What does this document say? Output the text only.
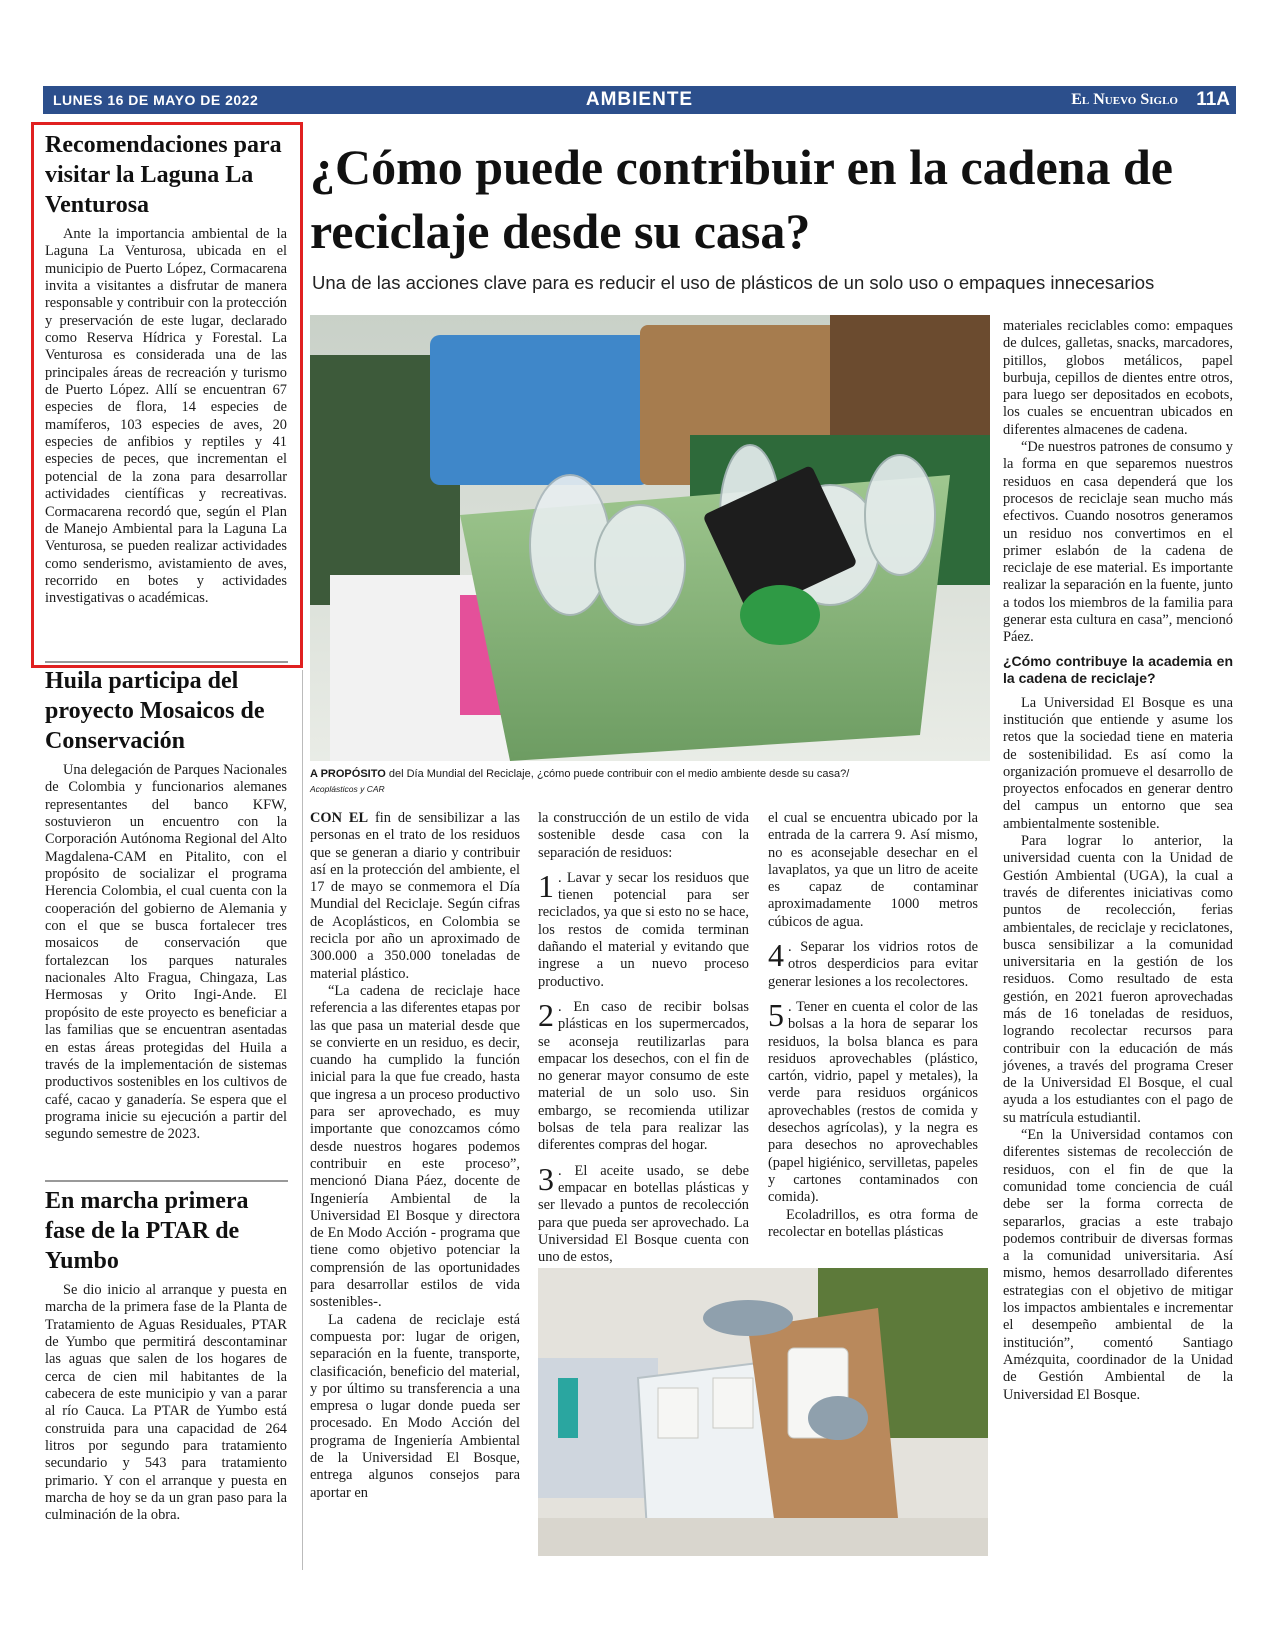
LUNES 16 DE MAYO DE 2022	AMBIENTE	El Nuevo Siglo 11A
Recomendaciones para visitar la Laguna La Venturosa
Ante la importancia ambiental de la Laguna La Venturosa, ubicada en el municipio de Puerto López, Cormacarena invita a visitantes a disfrutar de manera responsable y contribuir con la protección y preservación de este lugar, declarado como Reserva Hídrica y Forestal. La Venturosa es considerada una de las principales áreas de recreación y turismo de Puerto López. Allí se encuentran 67 especies de flora, 14 especies de mamíferos, 103 especies de aves, 20 especies de anfibios y reptiles y 41 especies de peces, que incrementan el potencial de la zona para desarrollar actividades científicas y recreativas. Cormacarena recordó que, según el Plan de Manejo Ambiental para la Laguna La Venturosa, se pueden realizar actividades como senderismo, avistamiento de aves, recorrido en botes y actividades investigativas o académicas.
Huila participa del proyecto Mosaicos de Conservación
Una delegación de Parques Nacionales de Colombia y funcionarios alemanes representantes del banco KFW, sostuvieron un encuentro con la Corporación Autónoma Regional del Alto Magdalena-CAM en Pitalito, con el propósito de socializar el programa Herencia Colombia, el cual cuenta con la cooperación del gobierno de Alemania y con el que se busca fortalecer tres mosaicos de conservación que fortalezcan los parques naturales nacionales Alto Fragua, Chingaza, Las Hermosas y Orito Ingi-Ande. El propósito de este proyecto es beneficiar a las familias que se encuentran asentadas en estas áreas protegidas del Huila a través de la implementación de sistemas productivos sostenibles en los cultivos de café, cacao y ganadería. Se espera que el programa inicie su ejecución a partir del segundo semestre de 2023.
En marcha primera fase de la PTAR de Yumbo
Se dio inicio al arranque y puesta en marcha de la primera fase de la Planta de Tratamiento de Aguas Residuales, PTAR de Yumbo que permitirá descontaminar las aguas que salen de los hogares de cerca de cien mil habitantes de la cabecera de este municipio y van a parar al río Cauca. La PTAR de Yumbo está construida para una capacidad de 264 litros por segundo para tratamiento secundario y 543 para tratamiento primario. Y con el arranque y puesta en marcha de hoy se da un gran paso para la culminación de la obra.
¿Cómo puede contribuir en la cadena de reciclaje desde su casa?
Una de las acciones clave para es reducir el uso de plásticos de un solo uso o empaques innecesarios
A PROPÓSITO del Día Mundial del Reciclaje, ¿cómo puede contribuir con el medio ambiente desde su casa?/
Acoplásticos y CAR

CON EL fin de sensibilizar a las personas en el trato de los residuos que se generan a diario y contribuir así en la protección del ambiente, el 17 de mayo se conmemora el Día Mundial del Reciclaje. Según cifras de Acoplásticos, en Colombia se recicla por año un aproximado de 300.000 a 350.000 toneladas de material plástico.

“La cadena de reciclaje hace referencia a las diferentes etapas por las que pasa un material desde que se convierte en un residuo, es decir, cuando ha cumplido la función inicial para la que fue creado, hasta que ingresa a un proceso productivo para ser aprovechado, es muy importante que conozcamos cómo desde nuestros hogares podemos contribuir en este proceso”, mencionó Diana Páez, docente de Ingeniería Ambiental de la Universidad El Bosque y directora de En Modo Acción - programa que tiene como objetivo potenciar la comprensión de las oportunidades para desarrollar estilos de vida sostenibles-.

La cadena de reciclaje está compuesta por: lugar de origen, separación en la fuente, transporte, clasificación, beneficio del material, y por último su transferencia a una empresa o lugar donde pueda ser procesado. En Modo Acción del programa de Ingeniería Ambiental de la Universidad El Bosque, entrega algunos consejos para aportar en

la construcción de un estilo de vida sostenible desde casa con la separación de residuos:

1 . Lavar y secar los residuos que tienen potencial para ser reciclados, ya que si esto no se hace, los restos de comida terminan dañando el material y evitando que ingrese a un nuevo proceso productivo.

2 . En caso de recibir bolsas plásticas en los supermercados, se aconseja reutilizarlas para empacar los desechos, con el fin de no generar mayor consumo de este material de un solo uso. Sin embargo, se recomienda utilizar bolsas de tela para realizar las diferentes compras del hogar.

3 . El aceite usado, se debe empacar en botellas plásticas y ser llevado a puntos de recolección para que pueda ser aprovechado. La Universidad El Bosque cuenta con uno de estos,

el cual se encuentra ubicado por la entrada de la carrera 9. Así mismo, no es aconsejable desechar en el lavaplatos, ya que un litro de aceite es capaz de contaminar aproximadamente 1000 metros cúbicos de agua.

4 . Separar los vidrios rotos de otros desperdicios para evitar generar lesiones a los recolectores.

5 . Tener en cuenta el color de las bolsas a la hora de separar los residuos, la bolsa blanca es para residuos aprovechables (plástico, cartón, vidrio, papel y metales), la verde para residuos orgánicos aprovechables (restos de comida y desechos agrícolas), y la negra es para desechos no aprovechables (papel higiénico, servilletas, papeles y cartones contaminados con comida).

Ecoladrillos, es otra forma de recolectar en botellas plásticas

materiales reciclables como: empaques de dulces, galletas, snacks, marcadores, pitillos, globos metálicos, papel burbuja, cepillos de dientes entre otros, para luego ser depositados en ecobots, los cuales se encuentran ubicados en diferentes almacenes de cadena.

“De nuestros patrones de consumo y la forma en que separemos nuestros residuos en casa dependerá que los procesos de reciclaje sean mucho más efectivos. Cuando nosotros generamos un residuo nos convertimos en el primer eslabón de la cadena de reciclaje de ese material. Es importante realizar la separación en la fuente, junto a todos los miembros de la familia para generar esta cultura en casa”, mencionó Páez.

¿Cómo contribuye la academia en la cadena de reciclaje?

La Universidad El Bosque es una institución que entiende y asume los retos que la sociedad tiene en materia de sostenibilidad. Es así como la organización promueve el desarrollo de proyectos enfocados en generar dentro del campus un entorno que sea ambientalmente sostenible.

Para lograr lo anterior, la universidad cuenta con la Unidad de Gestión Ambiental (UGA), la cual a través de diferentes iniciativas como puntos de recolección, ferias ambientales, de reciclaje y reciclatones, busca sensibilizar a la comunidad universitaria en la gestión de los residuos. Como resultado de esta gestión, en 2021 fueron aprovechadas más de 16 toneladas de residuos, logrando recolectar recursos para contribuir con la educación de más jóvenes, a través del programa Creser de la Universidad El Bosque, el cual ayuda a los estudiantes con el pago de su matrícula estudiantil.

“En la Universidad contamos con diferentes sistemas de recolección de residuos, con el fin de que la comunidad tome conciencia de cuál debe ser la forma correcta de separarlos, gracias a este trabajo podemos contribuir de diversas formas a la comunidad universitaria. Así mismo, hemos desarrollado diferentes estrategias con el objetivo de mitigar los impactos ambientales e incrementar el desempeño ambiental de la institución”, comentó Santiago Amézquita, coordinador de la Unidad de Gestión Ambiental de la Universidad El Bosque.
